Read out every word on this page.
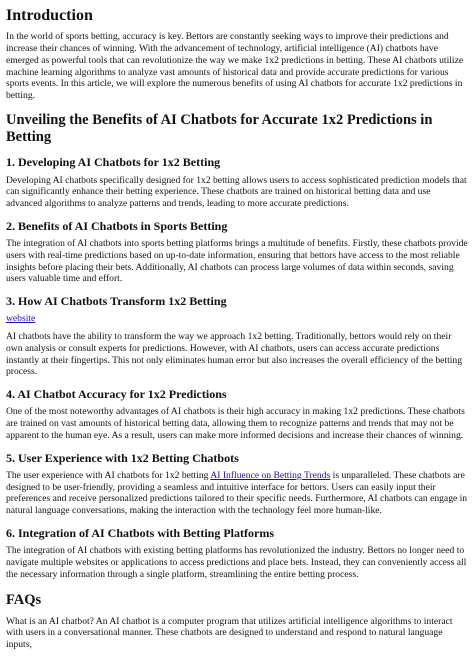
Introduction

In the world of sports betting, accuracy is key. Bettors are constantly seeking ways to improve their predictions and increase their chances of winning. With the advancement of technology, artificial intelligence (AI) chatbots have emerged as powerful tools that can revolutionize the way we make 1x2 predictions in betting. These AI chatbots utilize machine learning algorithms to analyze vast amounts of historical data and provide accurate predictions for various sports events. In this article, we will explore the numerous benefits of using AI chatbots for accurate 1x2 predictions in betting.

Unveiling the Benefits of AI Chatbots for Accurate 1x2 Predictions in Betting
1. Developing AI Chatbots for 1x2 Betting

Developing AI chatbots specifically designed for 1x2 betting allows users to access sophisticated prediction models that can significantly enhance their betting experience. These chatbots are trained on historical betting data and use advanced algorithms to analyze patterns and trends, leading to more accurate predictions.

2. Benefits of AI Chatbots in Sports Betting

The integration of AI chatbots into sports betting platforms brings a multitude of benefits. Firstly, these chatbots provide users with real-time predictions based on up-to-date information, ensuring that bettors have access to the most reliable insights before placing their bets. Additionally, AI chatbots can process large volumes of data within seconds, saving users valuable time and effort.

3. How AI Chatbots Transform 1x2 Betting

website

AI chatbots have the ability to transform the way we approach 1x2 betting. Traditionally, bettors would rely on their own analysis or consult experts for predictions. However, with AI chatbots, users can access accurate predictions instantly at their fingertips. This not only eliminates human error but also increases the overall efficiency of the betting process.

4. AI Chatbot Accuracy for 1x2 Predictions

One of the most noteworthy advantages of AI chatbots is their high accuracy in making 1x2 predictions. These chatbots are trained on vast amounts of historical betting data, allowing them to recognize patterns and trends that may not be apparent to the human eye. As a result, users can make more informed decisions and increase their chances of winning.

5. User Experience with 1x2 Betting Chatbots

The user experience with AI chatbots for 1x2 betting AI Influence on Betting Trends is unparalleled. These chatbots are designed to be user-friendly, providing a seamless and intuitive interface for bettors. Users can easily input their preferences and receive personalized predictions tailored to their specific needs. Furthermore, AI chatbots can engage in natural language conversations, making the interaction with the technology feel more human-like.

6. Integration of AI Chatbots with Betting Platforms

The integration of AI chatbots with existing betting platforms has revolutionized the industry. Bettors no longer need to navigate multiple websites or applications to access predictions and place bets. Instead, they can conveniently access all the necessary information through a single platform, streamlining the entire betting process.

FAQs

What is an AI chatbot? An AI chatbot is a computer program that utilizes artificial intelligence algorithms to interact with users in a conversational manner. These chatbots are designed to understand and respond to natural language inputs,
